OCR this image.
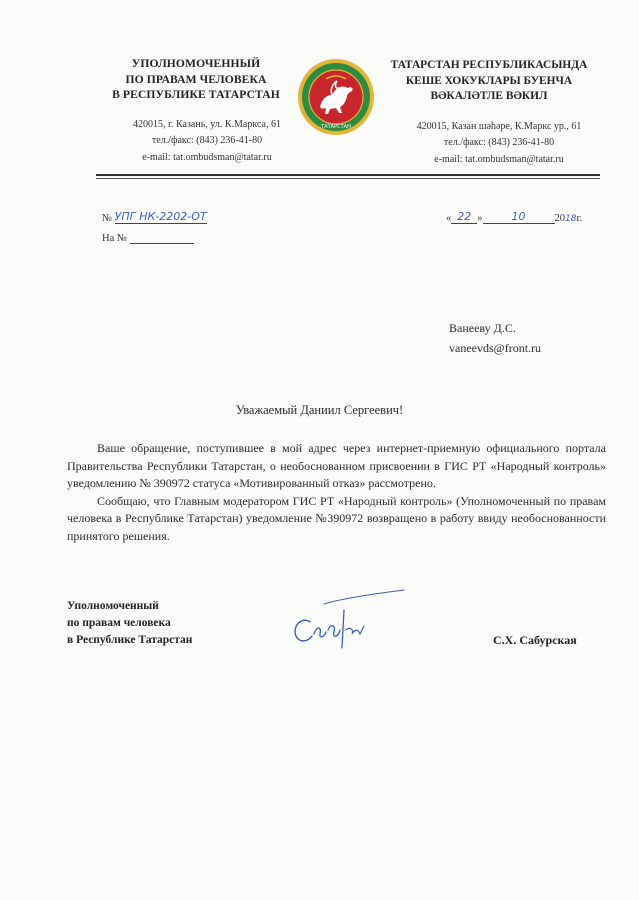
УПОЛНОМОЧЕННЫЙ
ПО ПРАВАМ ЧЕЛОВЕКА
В РЕСПУБЛИКЕ ТАТАРСТАН
420015, г. Казань, ул. К.Маркса, 61
тел./факс: (843) 236-41-80
e-mail: tat.ombudsman@tatar.ru
ТАТАРСТАН
ТАТАРСТАН РЕСПУБЛИКАСЫНДА
КЕШЕ ХОКУКЛАРЫ БУЕНЧА
ВӘКАЛӘТЛЕ ВӘКИЛ
420015, Казан шәһәре, К.Маркс ур., 61
тел./факс: (843) 236-41-80
e-mail: tat.ombudsman@tatar.ru
№ УПГ НК-2202-ОТ
На №
« 22 »	10	2018г.
Ванееву Д.С.
vaneevds@front.ru
Уважаемый Даниил Сергеевич!

Ваше обращение, поступившее в мой адрес через интернет-приемную официального портала Правительства Республики Татарстан, о необоснованном присвоении в ГИС РТ «Народный контроль» уведомлению № 390972 статуса «Мотивированный отказ» рассмотрено.

Сообщаю, что Главным модератором ГИС РТ «Народный контроль» (Уполномоченный по правам человека в Республике Татарстан) уведомление №390972 возвращено в работу ввиду необоснованности принятого решения.

Уполномоченный
по правам человека
в Республике Татарстан	С.Х. Сабурская
